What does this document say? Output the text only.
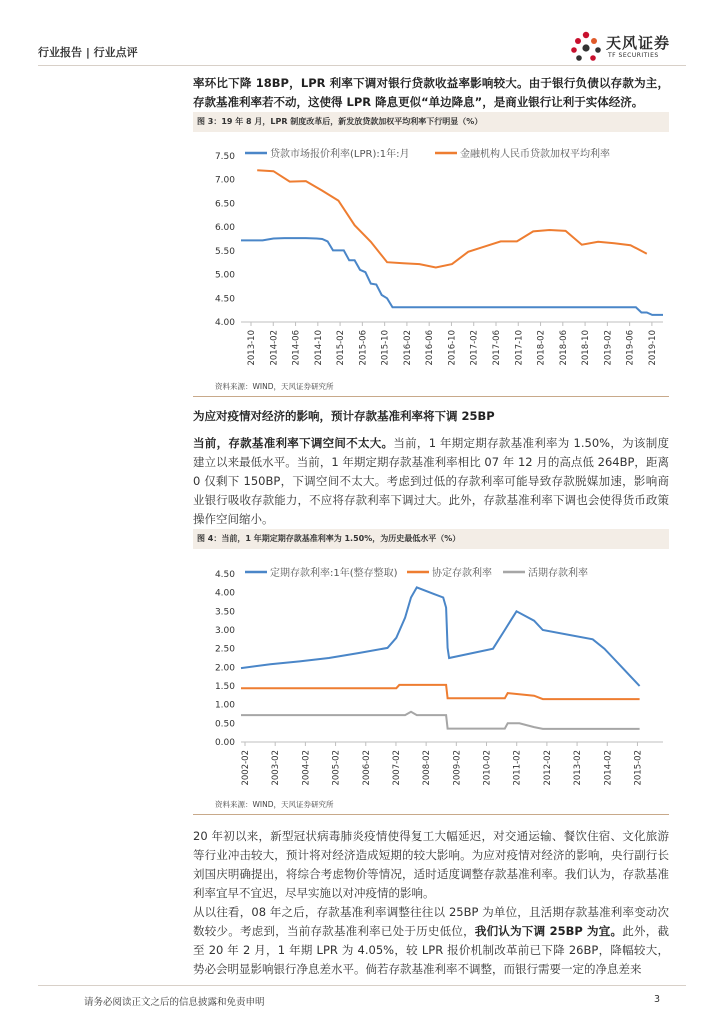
行业报告 | 行业点评
天风证券
TF SECURITIES
率环比下降 18BP，LPR 利率下调对银行贷款收益率影响较大。由于银行负债以存款为主，存款基准利率若不动，这使得 LPR 降息更似“单边降息”，是商业银行让利于实体经济。
图 3：19 年 8 月，LPR 制度改革后，新发放贷款加权平均利率下行明显（%）
4.00
4.50
5.00
5.50
6.00
6.50
7.00
7.50
2013-10 2014-02 2014-06 2014-10 2015-02 2015-06 2015-10 2016-02 2016-06 2016-10 2017-02 2017-06 2017-10 2018-02 2018-06 2018-10 2019-02 2019-06 2019-10
贷款市场报价利率(LPR):1年:月	金融机构人民币贷款加权平均利率
资料来源：WIND，天风证券研究所
为应对疫情对经济的影响，预计存款基准利率将下调 25BP
当前，存款基准利率下调空间不太大。当前，1 年期定期存款基准利率为 1.50%，为该制度建立以来最低水平。当前，1 年期定期存款基准利率相比 07 年 12 月的高点低 264BP，距离 0 仅剩下 150BP，下调空间不太大。考虑到过低的存款利率可能导致存款脱媒加速，影响商业银行吸收存款能力，不应将存款利率下调过大。此外，存款基准利率下调也会使得货币政策操作空间缩小。
图 4：当前，1 年期定期存款基准利率为 1.50%，为历史最低水平（%）
0.00
0.50
1.00
1.50
2.00
2.50
3.00
3.50
4.00
4.50
2002-02 2003-02 2004-02 2005-02 2006-02 2007-02 2008-02 2009-02 2010-02 2011-02 2012-02 2013-02 2014-02 2015-02
定期存款利率:1年(整存整取)	协定存款利率	活期存款利率
资料来源：WIND，天风证券研究所
20 年初以来，新型冠状病毒肺炎疫情使得复工大幅延迟，对交通运输、餐饮住宿、文化旅游等行业冲击较大，预计将对经济造成短期的较大影响。为应对疫情对经济的影响，央行副行长刘国庆明确提出，将综合考虑物价等情况，适时适度调整存款基准利率。我们认为，存款基准利率宜早不宜迟，尽早实施以对冲疫情的影响。
从以往看，08 年之后，存款基准利率调整往往以 25BP 为单位，且活期存款基准利率变动次数较少。考虑到，当前存款基准利率已处于历史低位，我们认为下调 25BP 为宜。此外，截至 20 年 2 月，1 年期 LPR 为 4.05%，较 LPR 报价机制改革前已下降 26BP，降幅较大，势必会明显影响银行净息差水平。倘若存款基准利率不调整，而银行需要一定的净息差来
请务必阅读正文之后的信息披露和免责申明	3
